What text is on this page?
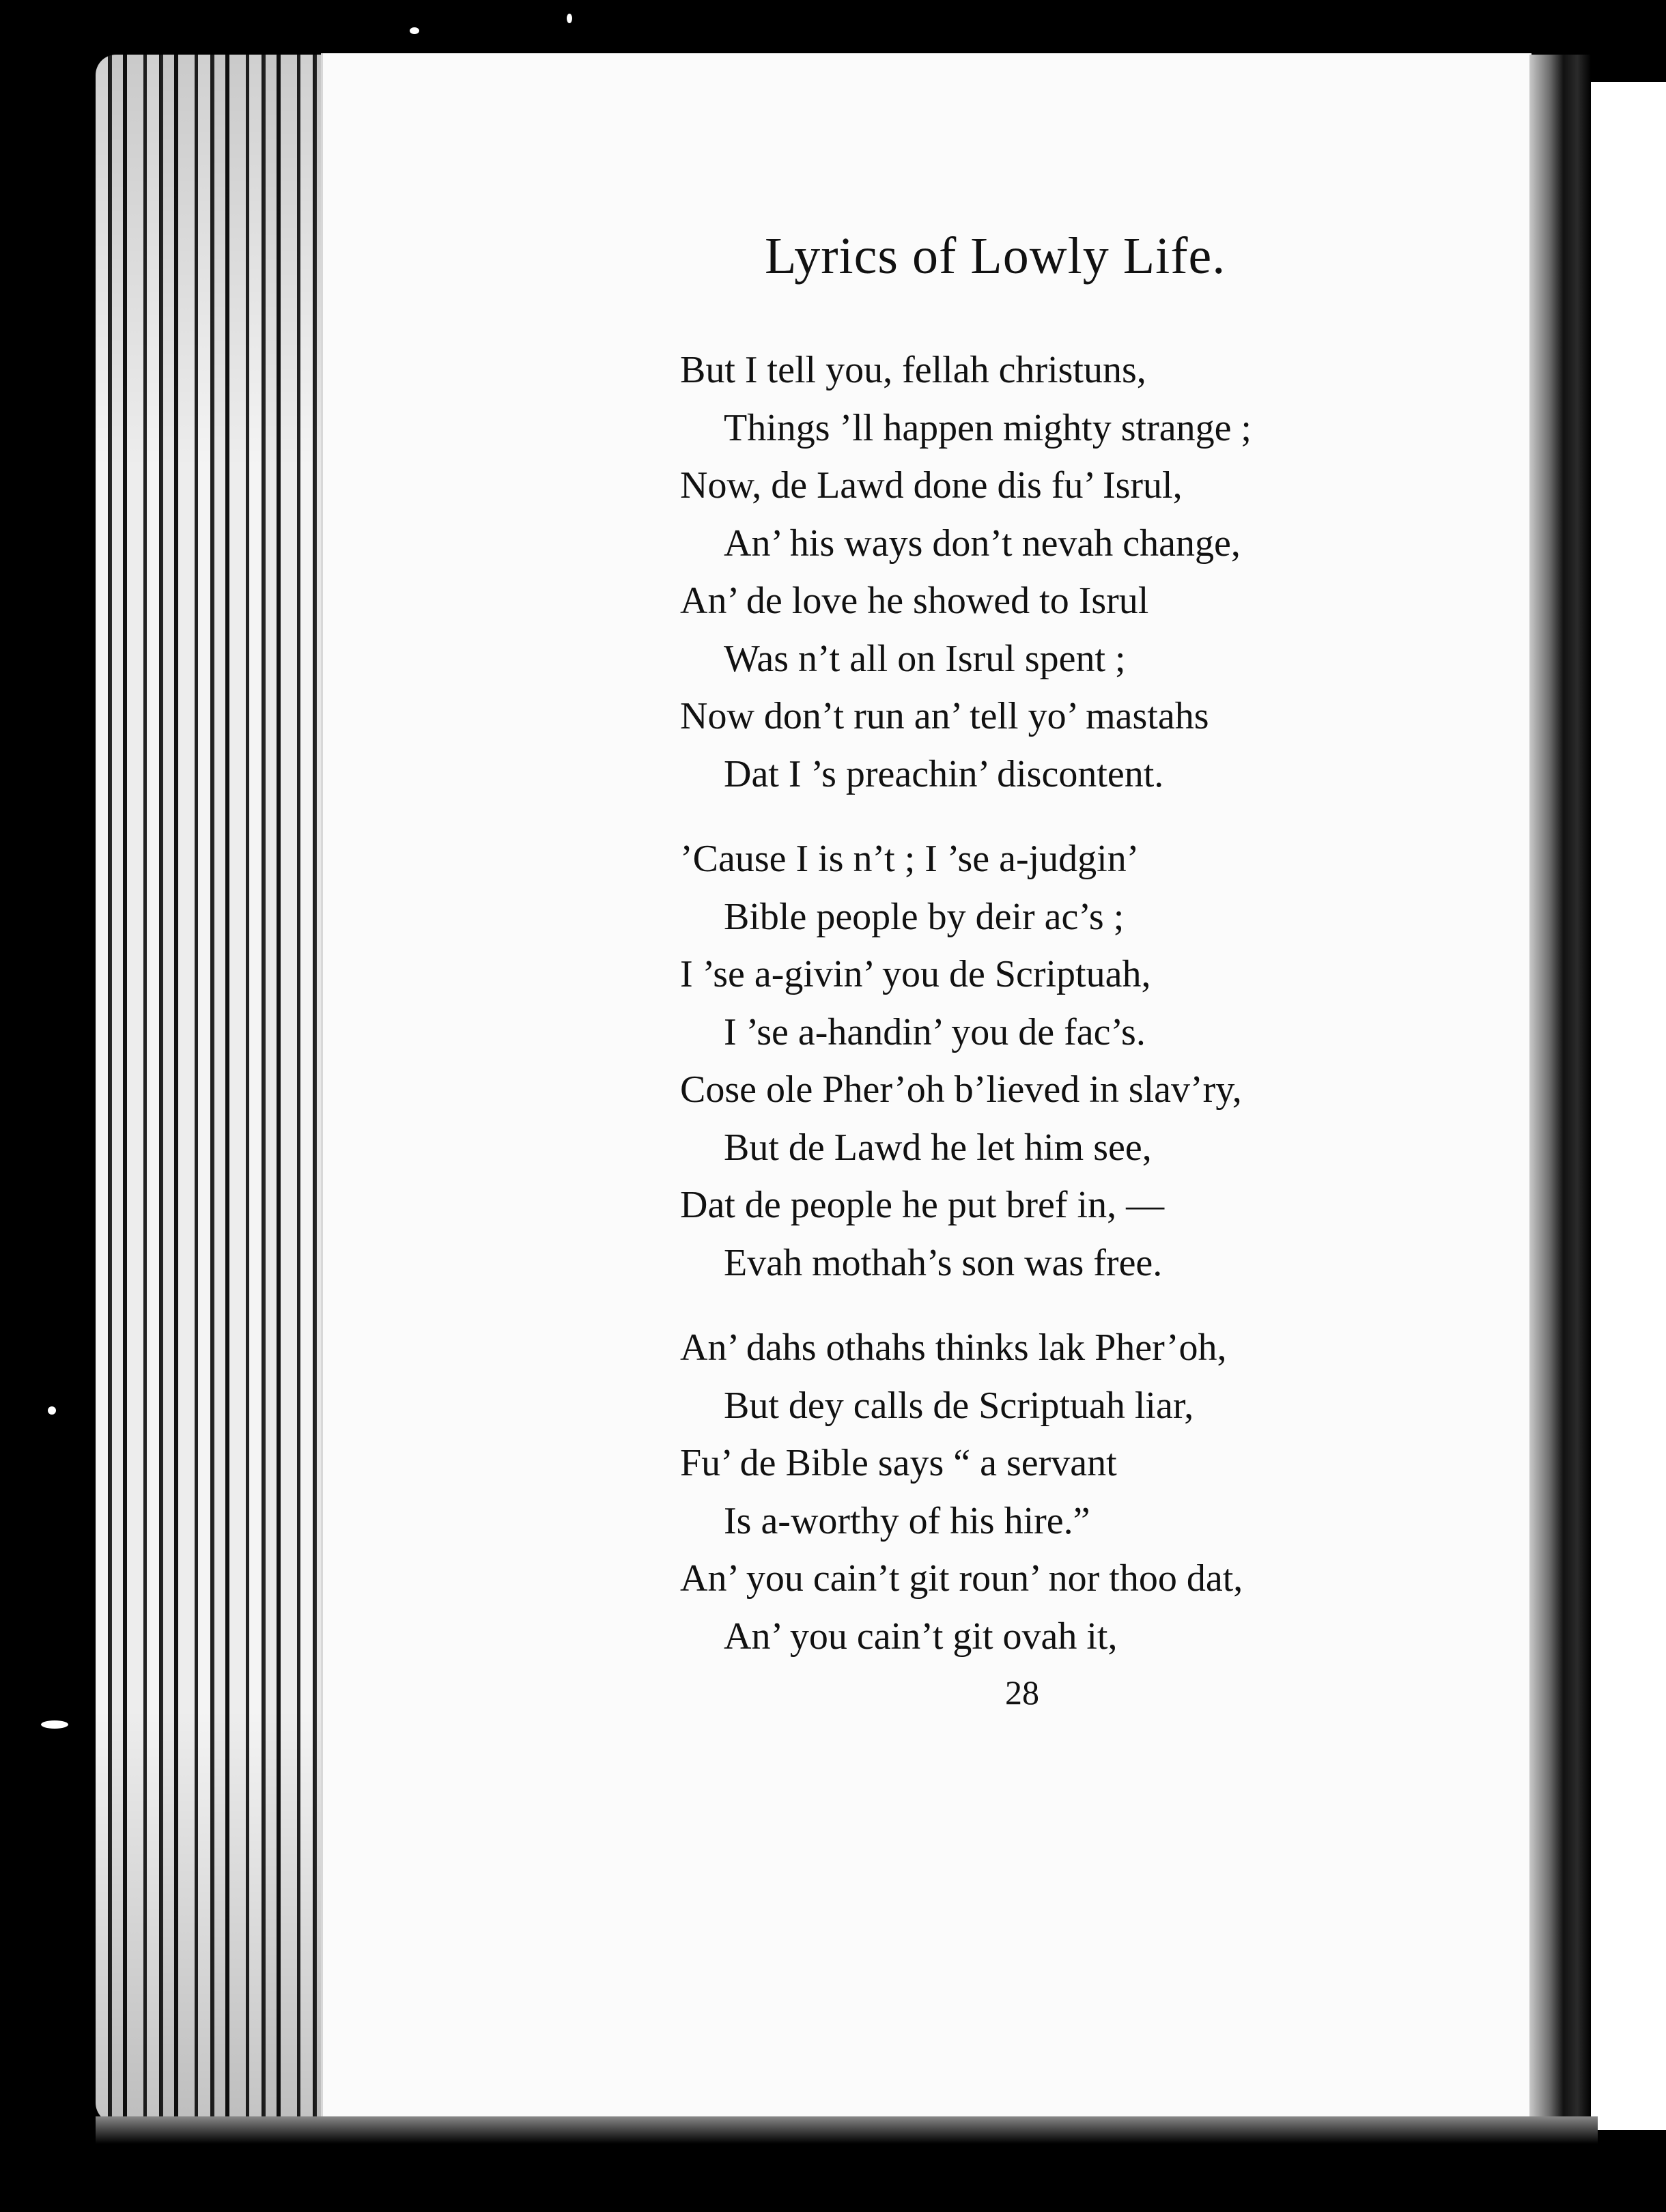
Lyrics of Lowly Life.
But I tell you, fellah christuns,
Things ’ll happen mighty strange ;
Now, de Lawd done dis fu’ Isrul,
An’ his ways don’t nevah change,
An’ de love he showed to Isrul
Was n’t all on Isrul spent ;
Now don’t run an’ tell yo’ mastahs
Dat I ’s preachin’ discontent.
’Cause I is n’t ; I ’se a-judgin’
Bible people by deir ac’s ;
I ’se a-givin’ you de Scriptuah,
I ’se a-handin’ you de fac’s.
Cose ole Pher’oh b’lieved in slav’ry,
But de Lawd he let him see,
Dat de people he put bref in, —
Evah mothah’s son was free.
An’ dahs othahs thinks lak Pher’oh,
But dey calls de Scriptuah liar,
Fu’ de Bible says “ a servant
Is a-worthy of his hire.”
An’ you cain’t git roun’ nor thoo dat,
An’ you cain’t git ovah it,
28
